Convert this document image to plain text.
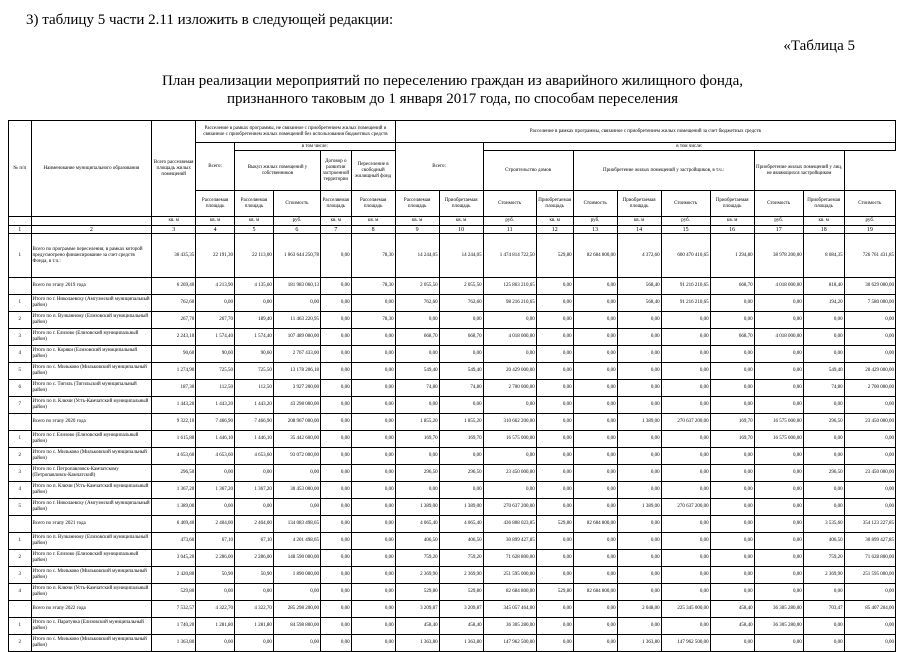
3) таблицу 5 части 2.11 изложить в следующей редакции:
«Таблица 5
План реализации мероприятий по переселению граждан из аварийного жилищного фонда,
признанного таковым до 1 января 2017 года, по способам переселения
№ п/п	Наименование муниципального образования	Всего расселяемая площадь жилых помещений	Расселение в рамках программы, не связанное с приобретением жилых помещений и связанное с приобретением жилых помещений без использования бюджетных средств					Расселение в рамках программы, связанное с приобретением жилых помещений за счет бюджетных средств										
			Всего:	в том числе:				Всего:		в том числе:								
				Выкуп жилых помещений у собственников		Договор о развитии застроенной территории	Переселение в свободный жилищный фонд			Строительство домов		Приобретение жилых помещений у застройщиков, в т.ч.:				Приобретение жилых помещений у лиц, не являющихся застройщиком		
			Расселяемая площадь	Расселяемая площадь	Стоимость	Расселяемая площадь	Расселяемая площадь	Расселяемая площадь	Приобретаемая площадь	Стоимость	Приобретаемая площадь	Стоимость	Приобретаемая площадь	Стоимость	Приобретаемая площадь	Стоимость	Приобретаемая площадь	Стоимость
		кв. м	кв. м	кв. м	руб.	кв. м	кв. м	кв. м	кв. м	руб.	кв. м	руб.	кв. м	руб.	кв. м	руб.	кв. м	руб.
1	2	3	4	5	6	7	8	9	10	11	12	13	14	15	16	17	18	19
1	Всего по программе переселения, в рамках которой предусмотрено финансирование за счет средств Фонда, в т.ч.:	36 435,35	22 191,30	22 113,00	1 063 644 250,78	0,00	78,30	14 244,05	14 244,05	1 474 814 722,50	529,80	82 684 800,00	4 372,60	600 470 410,65	1 294,80	38 978 200,00	8 084,35	726 761 431,85
	Всего по этапу 2019 года	6 269,40	4 213,90	4 135,60	181 983 060,13	0,00	78,30	2 055,50	2 055,50	125 863 210,65	0,00	0,00	568,40	91 216 210,65	668,70	4 018 000,00	818,40	30 629 000,00
1	Итого по г. Николаевску (Амгуэмский муниципальный район)	762,60	0,00	0,00	0,00	0,00	0,00	762,60	762,60	98 216 210,65	0,00	0,00	568,40	91 216 210,65	0,00	0,00	194,20	7 580 000,00
2	Итого по п. Вулканному (Елизовский муниципальный район)	267,70	267,70	189,40	11 463 220,95	0,00	78,30	0,00	0,00	0,00	0,00	0,00	0,00	0,00	0,00	0,00	0,00	0,00
3	Итого по г. Елизово (Елизовский муниципальный район)	2 243,10	1 574,40	1 574,40	107 489 000,00	0,00	0,00	668,70	668,70	4 018 000,00	0,00	0,00	0,00	0,00	668,70	4 018 000,00	0,00	0,00
4	Итого по с. Коряки (Елизовский муниципальный район)	90,60	90,60	90,60	2 767 433,00	0,00	0,00	0,00	0,00	0,00	0,00	0,00	0,00	0,00	0,00	0,00	0,00	0,00
5	Итого по с. Мильково (Мильковский муниципальный район)	1 274,90	725,50	725,50	13 178 206,18	0,00	0,00	549,40	549,40	20 429 000,00	0,00	0,00	0,00	0,00	0,00	0,00	549,40	20 429 000,00
6	Итого по с. Тигиль (Тигильский муниципальный район)	187,30	112,50	112,50	3 927 200,00	0,00	0,00	74,80	74,80	2 700 000,00	0,00	0,00	0,00	0,00	0,00	0,00	74,80	2 700 000,00
7	Итого по п. Ключи (Усть-Камчатский муниципальный район)	1 443,20	1 443,20	1 443,20	43 298 000,00	0,00	0,00	0,00	0,00	0,00	0,00	0,00	0,00	0,00	0,00	0,00	0,00	0,00
	Всего по этапу 2020 года	9 322,10	7 466,90	7 466,90	208 967 000,00	0,00	0,00	1 855,20	1 855,20	310 662 200,00	0,00	0,00	1 389,00	270 637 200,00	169,70	16 575 000,00	296,50	23 450 000,00
1	Итого по г. Елизово (Елизовский муниципальный район)	1 615,80	1 446,10	1 446,10	35 442 600,00	0,00	0,00	169,70	169,70	16 575 000,00	0,00	0,00	0,00	0,00	169,70	16 575 000,00	0,00	0,00
2	Итого по с. Мильково (Мильковский муниципальный район)	4 653,60	4 653,60	4 653,60	93 072 000,00	0,00	0,00	0,00	0,00	0,00	0,00	0,00	0,00	0,00	0,00	0,00	0,00	0,00
3	Итого по г. Петропавловск-Камчатскому (Петропавловск-Камчатский)	296,50	0,00	0,00	0,00	0,00	0,00	296,50	296,50	23 450 000,00	0,00	0,00	0,00	0,00	0,00	0,00	296,50	23 450 000,00
4	Итого по п. Ключи (Усть-Камчатский муниципальный район)	1 367,20	1 367,20	1 367,20	30 453 000,00	0,00	0,00	0,00	0,00	0,00	0,00	0,00	0,00	0,00	0,00	0,00	0,00	0,00
5	Итого по г. Николаевску (Амгуэмский муниципальный район)	1 389,00	0,00	0,00	0,00	0,00	0,00	1 389,00	1 389,00	270 637 200,00	0,00	0,00	1 389,00	270 637 200,00	0,00	0,00	0,00	0,00
	Всего по этапу 2021 года	6 469,40	2 404,00	2 404,00	134 083 498,65	0,00	0,00	4 065,40	4 065,40	436 808 023,85	529,80	82 684 800,00	0,00	0,00	0,00	0,00	3 535,60	354 123 227,85
1	Итого по п. Вулканному (Елизовский муниципальный район)	473,60	67,10	67,10	4 201 498,65	0,00	0,00	406,50	406,50	30 899 427,85	0,00	0,00	0,00	0,00	0,00	0,00	406,50	30 899 427,85
2	Итого по г. Елизово (Елизовский муниципальный район)	3 045,20	2 286,00	2 286,00	148 590 000,00	0,00	0,00	759,20	759,20	71 628 800,00	0,00	0,00	0,00	0,00	0,00	0,00	759,20	71 628 800,00
3	Итого по с. Мильково (Мильковский муниципальный район)	2 420,80	50,90	50,90	1 890 000,00	0,00	0,00	2 369,90	2 369,90	251 595 000,00	0,00	0,00	0,00	0,00	0,00	0,00	2 369,90	251 595 000,00
4	Итого по п. Ключи (Усть-Камчатский муниципальный район)	529,80	0,00	0,00	0,00	0,00	0,00	529,80	529,80	82 684 800,00	529,80	82 684 800,00	0,00	0,00	0,00	0,00	0,00	0,00
	Всего по этапу 2022 года	7 532,57	4 322,70	4 322,70	285 298 200,00	0,00	0,00	3 209,87	3 209,87	345 057 464,00	0,00	0,00	2 048,00	225 345 000,00	458,40	36 305 280,00	703,47	85 407 204,00
1	Итого по с. Паратунка (Елизовский муниципальный район)	1 740,20	1 281,80	1 281,80	84 598 800,00	0,00	0,00	458,40	458,40	36 305 280,00	0,00	0,00	0,00	0,00	458,40	36 305 280,00	0,00	0,00
2	Итого по с. Мильково (Мильковский муниципальный район)	1 363,80	0,00	0,00	0,00	0,00	0,00	1 363,80	1 363,80	147 962 500,00	0,00	0,00	1 363,80	147 962 500,00	0,00	0,00	0,00	0,00
